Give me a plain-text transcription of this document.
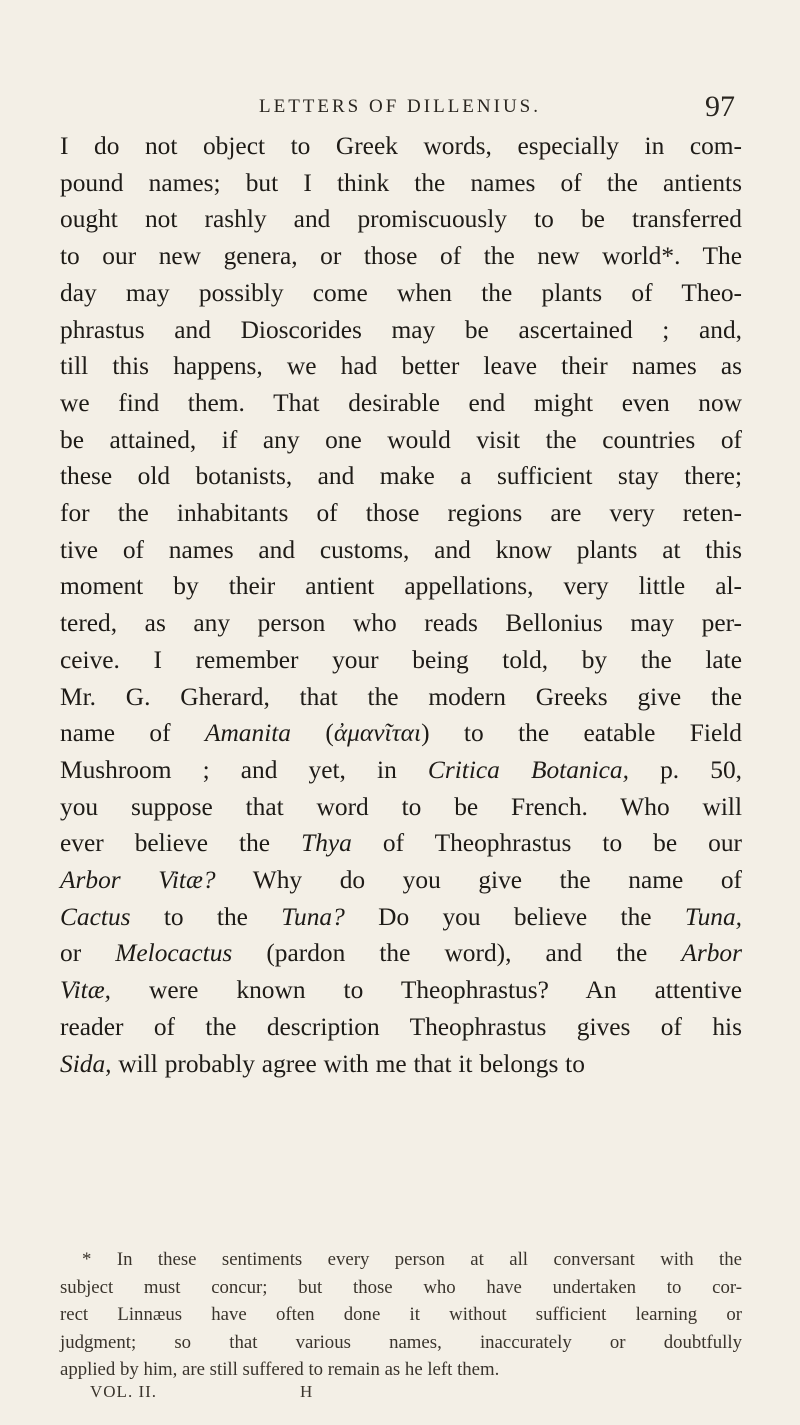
LETTERS OF DILLENIUS.	97
I do not object to Greek words, especially in com-
pound names; but I think the names of the antients
ought not rashly and promiscuously to be transferred
to our new genera, or those of the new world*. The
day may possibly come when the plants of Theo-
phrastus and Dioscorides may be ascertained ; and,
till this happens, we had better leave their names as
we find them. That desirable end might even now
be attained, if any one would visit the countries of
these old botanists, and make a sufficient stay there;
for the inhabitants of those regions are very reten-
tive of names and customs, and know plants at this
moment by their antient appellations, very little al-
tered, as any person who reads Bellonius may per-
ceive. I remember your being told, by the late
Mr. G. Gherard, that the modern Greeks give the
name of Amanita (ἀμανῖται) to the eatable Field
Mushroom ; and yet, in Critica Botanica, p. 50,
you suppose that word to be French. Who will
ever believe the Thya of Theophrastus to be our
Arbor Vitæ? Why do you give the name of
Cactus to the Tuna? Do you believe the Tuna,
or Melocactus (pardon the word), and the Arbor
Vitæ, were known to Theophrastus? An attentive
reader of the description Theophrastus gives of his
Sida, will probably agree with me that it belongs to
* In these sentiments every person at all conversant with the
subject must concur; but those who have undertaken to cor-
rect Linnæus have often done it without sufficient learning or
judgment; so that various names, inaccurately or doubtfully
applied by him, are still suffered to remain as he left them.
VOL. II.	H
